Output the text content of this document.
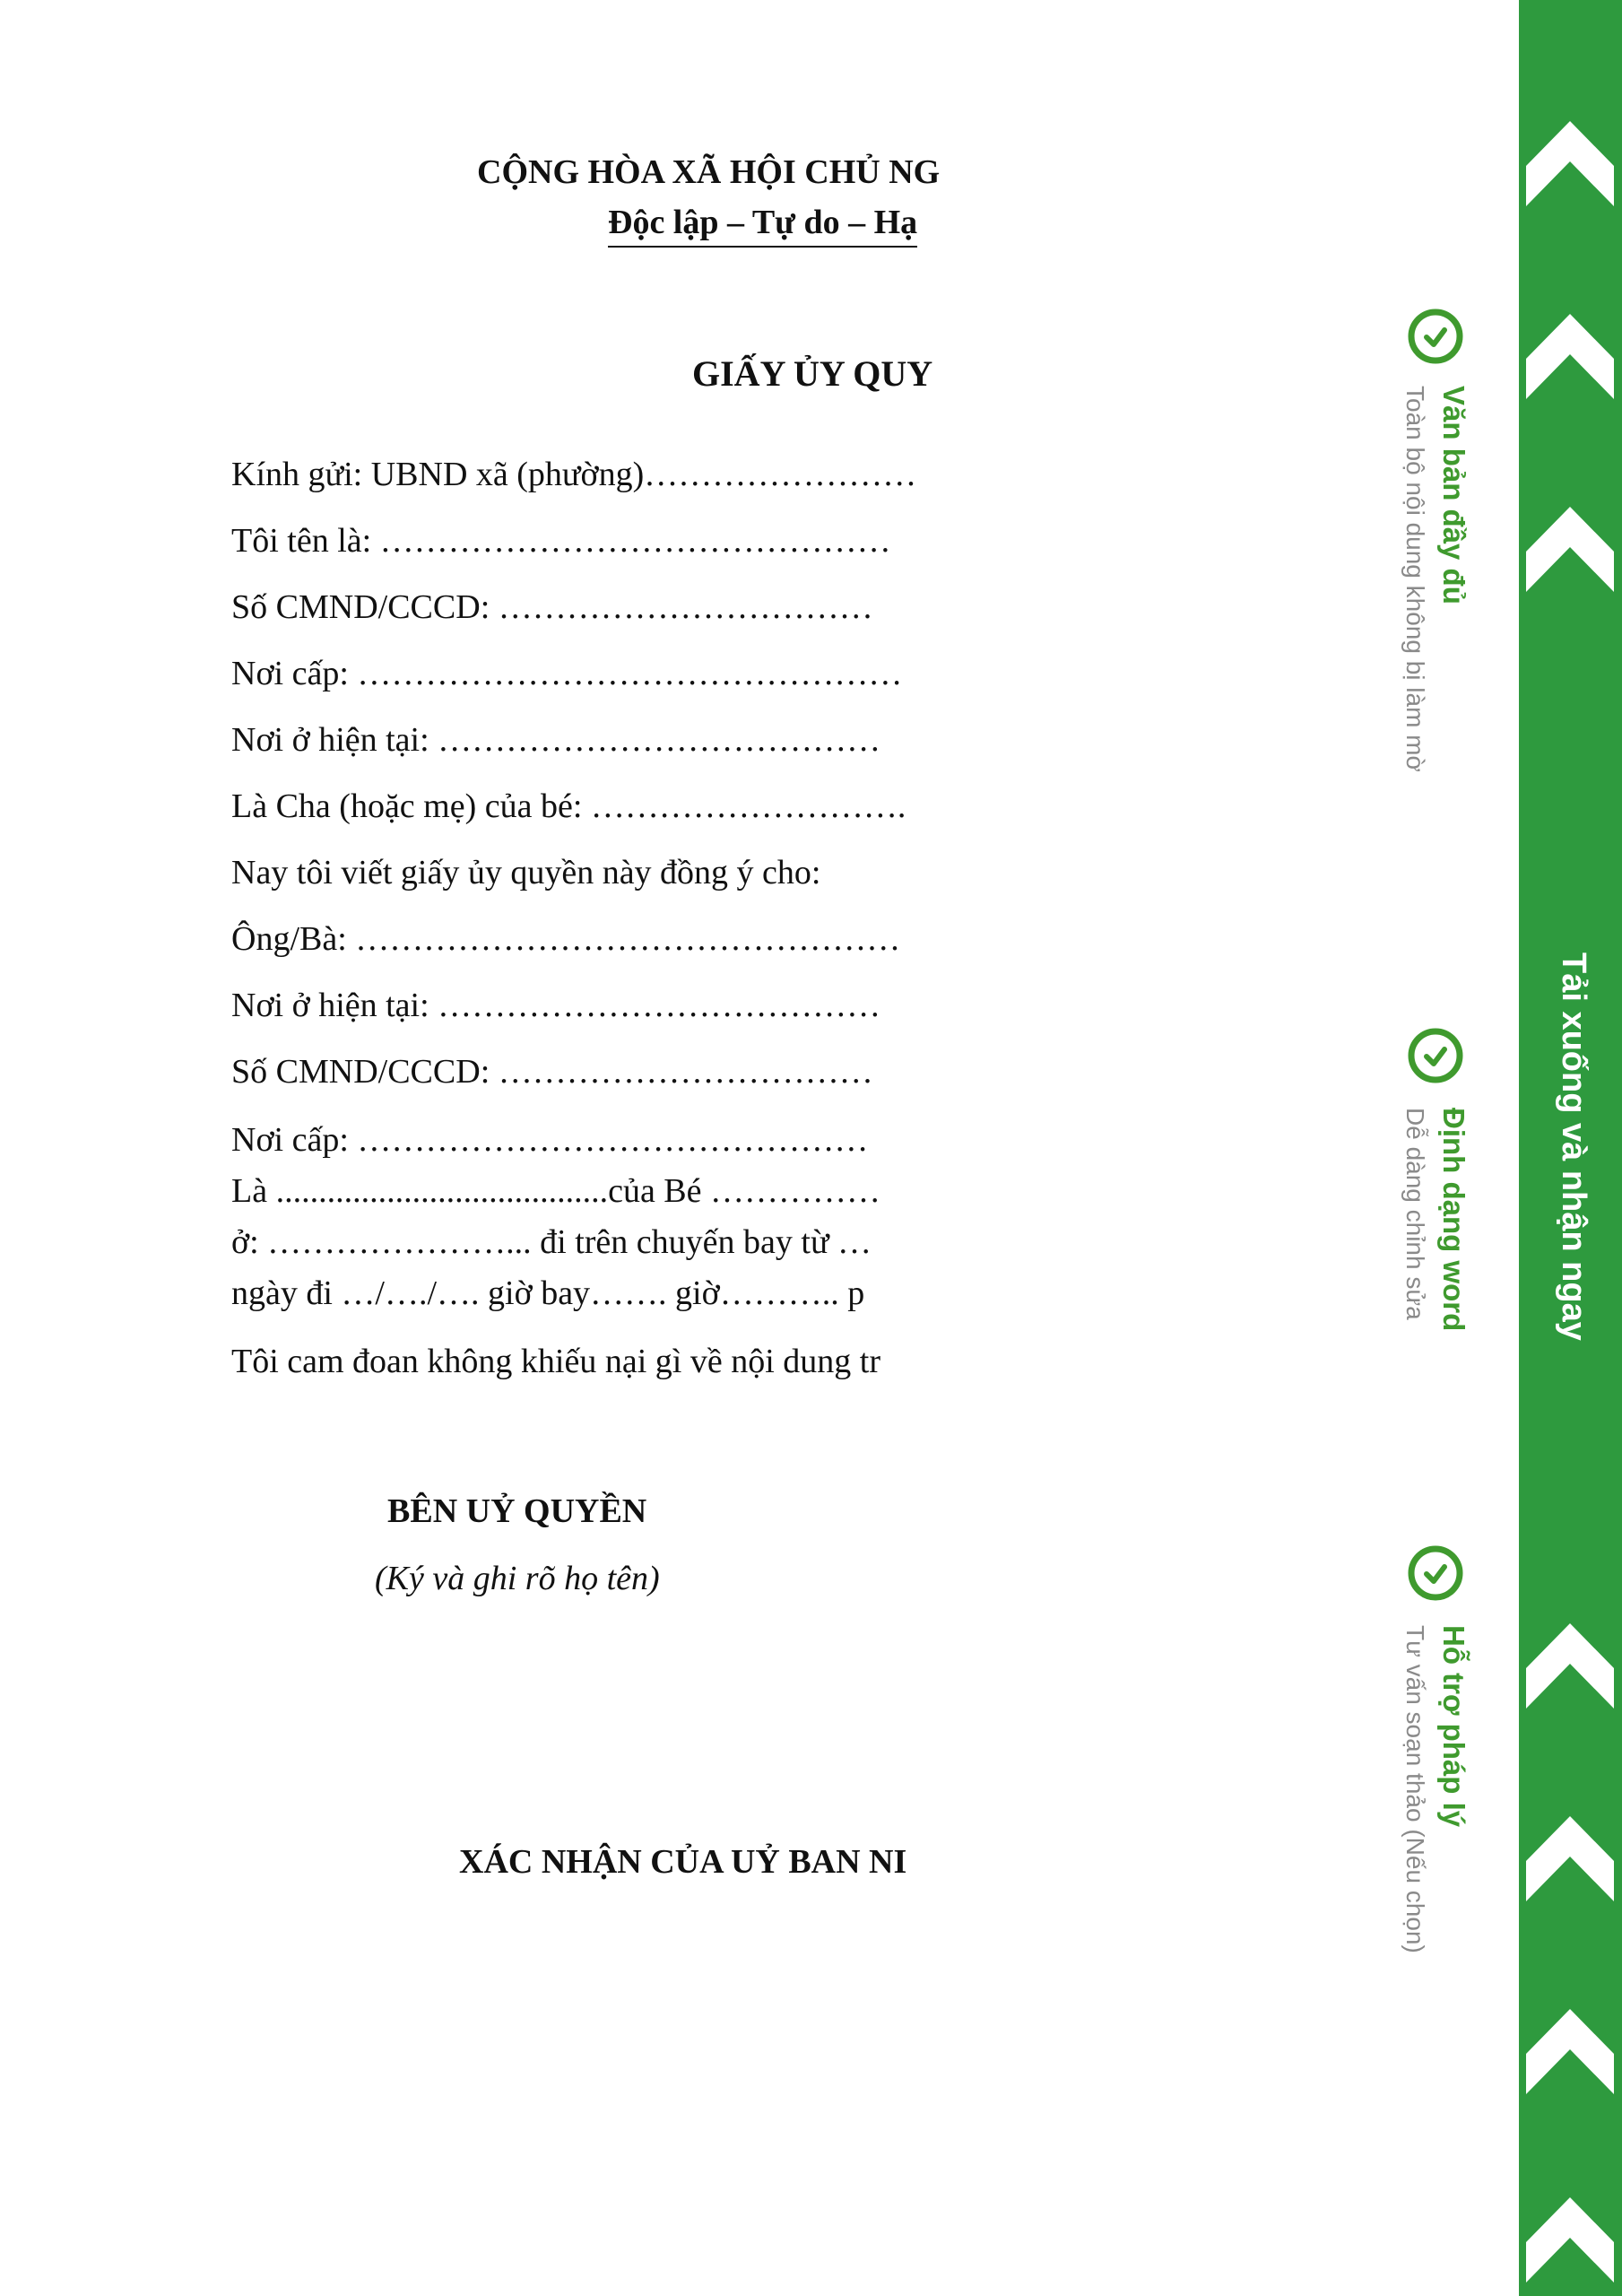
CỘNG HÒA XÃ HỘI CHỦ NG
Độc lập – Tự do – Hạ
GIẤY ỦY QUY
Kính gửi: UBND xã (phường)……………………
Tôi tên là: ………………………………………
Số CMND/CCCD: ……………………………
Nơi cấp: …………………………………………
Nơi ở hiện tại: …………………………………
Là Cha (hoặc mẹ) của bé: ……………………….
Nay tôi viết giấy ủy quyền này đồng ý cho:
Ông/Bà: …………………………………………
Nơi ở hiện tại: …………………………………
Số CMND/CCCD: ……………………………
Nơi cấp: ………………………………………
Là .......................................của Bé ……………
ở: …………………... đi trên chuyến bay từ …
ngày đi …/…./…. giờ bay……. giờ……….. p
Tôi cam đoan không khiếu nại gì về nội dung tr
BÊN UỶ QUYỀN
(Ký và ghi rõ họ tên)
XÁC NHẬN CỦA UỶ BAN NI
Văn bản đầy đủ
Toàn bộ nội dung không bị làm mờ
Định dạng word
Dễ dàng chỉnh sửa
Hỗ trợ pháp lý
Tư vấn soạn thảo (Nếu chọn)
Tải xuống và nhận ngay
